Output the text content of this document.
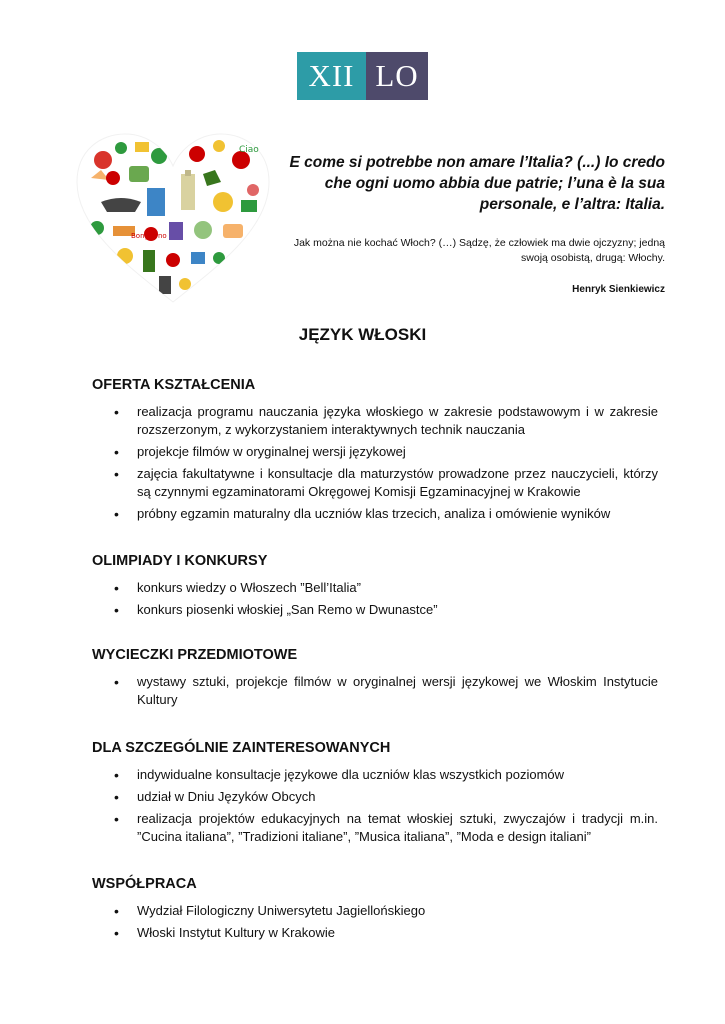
XII LO
Ciao
Bongiorno
E come si potrebbe non amare l’Italia? (...) Io credo che ogni uomo abbia due patrie; l’una è la sua personale, e l’altra: Italia.
Jak można nie kochać Włoch? (…) Sądzę, że człowiek ma dwie ojczyzny; jedną swoją osobistą, drugą: Włochy.
Henryk Sienkiewicz
JĘZYK WŁOSKI
OFERTA KSZTAŁCENIA
• realizacja programu nauczania języka włoskiego w zakresie podstawowym i w zakresie rozszerzonym, z wykorzystaniem interaktywnych technik nauczania
• projekcje filmów w oryginalnej wersji językowej
• zajęcia fakultatywne i konsultacje dla maturzystów prowadzone przez nauczycieli, którzy są czynnymi egzaminatorami Okręgowej Komisji Egzaminacyjnej w Krakowie
• próbny egzamin maturalny dla uczniów klas trzecich, analiza i omówienie wyników
OLIMPIADY I KONKURSY
• konkurs wiedzy o Włoszech ”Bell’Italia”
• konkurs piosenki włoskiej „San Remo w Dwunastce”
WYCIECZKI PRZEDMIOTOWE
• wystawy sztuki, projekcje filmów w oryginalnej wersji językowej we Włoskim Instytucie Kultury
DLA SZCZEGÓLNIE ZAINTERESOWANYCH
• indywidualne konsultacje językowe dla uczniów klas wszystkich poziomów
• udział w Dniu Języków Obcych
• realizacja projektów edukacyjnych na temat włoskiej sztuki, zwyczajów i tradycji m.in. ”Cucina italiana”, ”Tradizioni italiane”, ”Musica italiana”, ”Moda e design italiani”
WSPÓŁPRACA
• Wydział Filologiczny Uniwersytetu Jagiellońskiego
• Włoski Instytut Kultury w Krakowie
